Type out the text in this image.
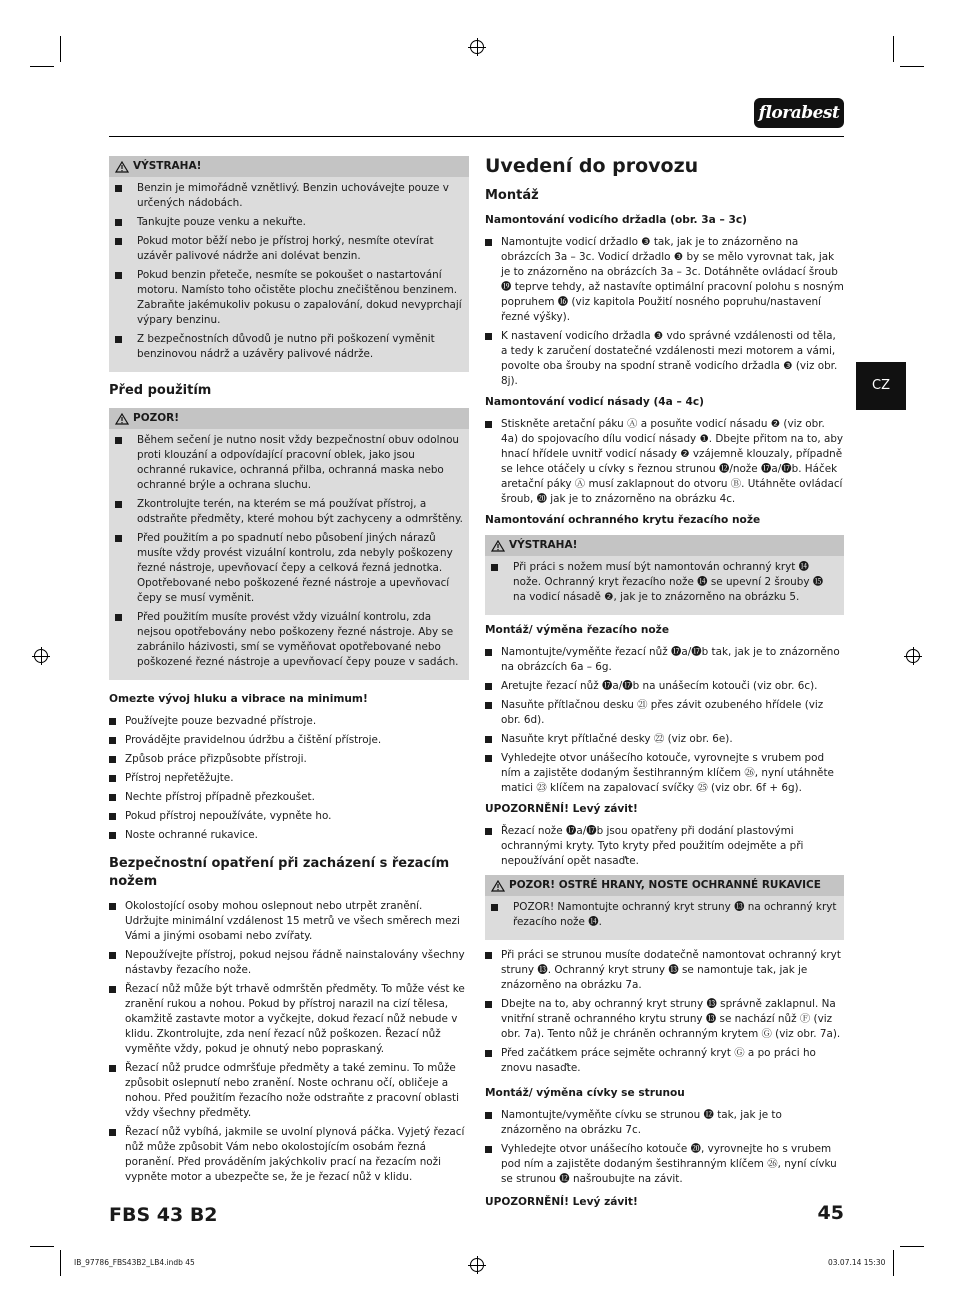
florabest
CZ
VÝSTRAHA!
Benzin je mimořádně vznětlivý. Benzin uchovávejte pouze v určených nádobách.
Tankujte pouze venku a nekuřte.
Pokud motor běží nebo je přístroj horký, nesmíte otevírat uzávěr palivové nádrže ani dolévat benzin.
Pokud benzin přeteče, nesmíte se pokoušet o nastartování motoru. Namísto toho očistěte plochu znečištěnou benzinem. Zabraňte jakémukoliv pokusu o zapalování, dokud nevyprchají výpary benzinu.
Z bezpečnostních důvodů je nutno při poškození vyměnit benzinovou nádrž a uzávěry palivové nádrže.
Před použitím
POZOR!
Během sečení je nutno nosit vždy bezpečnostní obuv odolnou proti klouzání a odpovídající pracovní oblek, jako jsou ochranné rukavice, ochranná přilba, ochranná maska nebo ochranné brýle a ochrana sluchu.
Zkontrolujte terén, na kterém se má používat přístroj, a odstraňte předměty, které mohou být zachyceny a odmrštěny.
Před použitím a po spadnutí nebo působení jiných nárazů musíte vždy provést vizuální kontrolu, zda nebyly poškozeny řezné nástroje, upevňovací čepy a celková řezná jednotka. Opotřebované nebo poškozené řezné nástroje a upevňovací čepy se musí vyměnit.
Před použitím musíte provést vždy vizuální kontrolu, zda nejsou opotřebovány nebo poškozeny řezné nástroje. Aby se zabránilo házivosti, smí se vyměňovat opotřebované nebo poškozené řezné nástroje a upevňovací čepy pouze v sadách.
Omezte vývoj hluku a vibrace na minimum!
Používejte pouze bezvadné přístroje.
Provádějte pravidelnou údržbu a čištění přístroje.
Způsob práce přizpůsobte přístroji.
Přístroj nepřetěžujte.
Nechte přístroj případně přezkoušet.
Pokud přístroj nepoužíváte, vypněte ho.
Noste ochranné rukavice.
Bezpečnostní opatření při zacházení s řezacím nožem
Okolostojící osoby mohou oslepnout nebo utrpět zranění. Udržujte minimální vzdálenost 15 metrů ve všech směrech mezi Vámi a jinými osobami nebo zvířaty.
Nepoužívejte přístroj, pokud nejsou řádně nainstalovány všechny nástavby řezacího nože.
Řezací nůž může být trhavě odmrštěn předměty. To může vést ke zranění rukou a nohou. Pokud by přístroj narazil na cizí tělesa, okamžitě zastavte motor a vyčkejte, dokud řezací nůž nebude v klidu. Zkontrolujte, zda není řezací nůž poškozen. Řezací nůž vyměňte vždy, pokud je ohnutý nebo popraskaný.
Řezací nůž prudce odmršťuje předměty a také zeminu. To může způsobit oslepnutí nebo zranění. Noste ochranu očí, obličeje a nohou. Před použitím řezacího nože odstraňte z pracovní oblasti vždy všechny předměty.
Řezací nůž vybíhá, jakmile se uvolní plynová páčka. Vyjetý řezací nůž může způsobit Vám nebo okolostojícím osobám řezná poranění. Před prováděním jakýchkoliv prací na řezacím noži vypněte motor a ubezpečte se, že je řezací nůž v klidu.
Uvedení do provozu
Montáž
Namontování vodicího držadla (obr. 3a – 3c)
Namontujte vodicí držadlo ❸ tak, jak je to znázorněno na obrázcích 3a – 3c. Vodicí držadlo ❸ by se mělo vyrovnat tak, jak je to znázorněno na obrázcích 3a – 3c. Dotáhněte ovládací šroub ⓳ teprve tehdy, až nastavíte optimální pracovní polohu s nosným popruhem ⓰ (viz kapitola Použití nosného popruhu/nastavení řezné výšky).
K nastavení vodicího držadla ❸ vdo správné vzdálenosti od těla, a tedy k zaručení dostatečné vzdálenosti mezi motorem a vámi, povolte oba šrouby na spodní straně vodicího držadla ❸ (viz obr. 8j).
Namontování vodicí násady (4a – 4c)
Stiskněte aretační páku Ⓐ a posuňte vodicí násadu ❷ (viz obr. 4a) do spojovacího dílu vodicí násady ❶. Dbejte přitom na to, aby hnací hřídele uvnitř vodicí násady ❷ vzájemně klouzaly, případně se lehce otáčely u cívky s řeznou strunou ⓬/nože ⓱a/⓱b. Háček aretační páky Ⓐ musí zaklapnout do otvoru Ⓑ. Utáhněte ovládací šroub, ⓴ jak je to znázorněno na obrázku 4c.
Namontování ochranného krytu řezacího nože
VÝSTRAHA!
Při práci s nožem musí být namontován ochranný kryt ⓮ nože. Ochranný kryt řezacího nože ⓮ se upevní 2 šrouby ⓯ na vodicí násadě ❷, jak je to znázorněno na obrázku 5.
Montáž/ výměna řezacího nože
Namontujte/vyměňte řezací nůž ⓱a/⓱b tak, jak je to znázorněno na obrázcích 6a – 6g.
Aretujte řezací nůž ⓱a/⓱b na unášecím kotouči (viz obr. 6c).
Nasuňte přítlačnou desku ㉑ přes závit ozubeného hřídele (viz obr. 6d).
Nasuňte kryt přítlačné desky ㉒ (viz obr. 6e).
Vyhledejte otvor unášecího kotouče, vyrovnejte s vrubem pod ním a zajistěte dodaným šestihranným klíčem ㉖, nyní utáhněte matici ㉓ klíčem na zapalovací svíčky ㉕ (viz obr. 6f + 6g).
UPOZORNĚNÍ! Levý závit!
Řezací nože ⓱a/⓱b jsou opatřeny při dodání plastovými ochrannými kryty. Tyto kryty před použitím odejměte a při nepoužívání opět nasaďte.
POZOR! OSTRÉ HRANY, NOSTE OCHRANNÉ RUKAVICE
POZOR! Namontujte ochranný kryt struny ⓭ na ochranný kryt řezacího nože ⓮.
Při práci se strunou musíte dodatečně namontovat ochranný kryt struny ⓭. Ochranný kryt struny ⓭ se namontuje tak, jak je znázorněno na obrázku 7a.
Dbejte na to, aby ochranný kryt struny ⓭ správně zaklapnul. Na vnitřní straně ochranného krytu struny ⓭ se nachází nůž Ⓕ (viz obr. 7a). Tento nůž je chráněn ochranným krytem Ⓖ (viz obr. 7a).
Před začátkem práce sejměte ochranný kryt Ⓖ a po práci ho znovu nasaďte.
Montáž/ výměna cívky se strunou
Namontujte/vyměňte cívku se strunou ⓬ tak, jak je to znázorněno na obrázku 7c.
Vyhledejte otvor unášecího kotouče ⓴, vyrovnejte ho s vrubem pod ním a zajistěte dodaným šestihranným klíčem ㉖, nyní cívku se strunou ⓬ našroubujte na závit.
UPOZORNĚNÍ! Levý závit!
FBS 43 B2	45
IB_97786_FBS43B2_LB4.indb 45	03.07.14 15:30
